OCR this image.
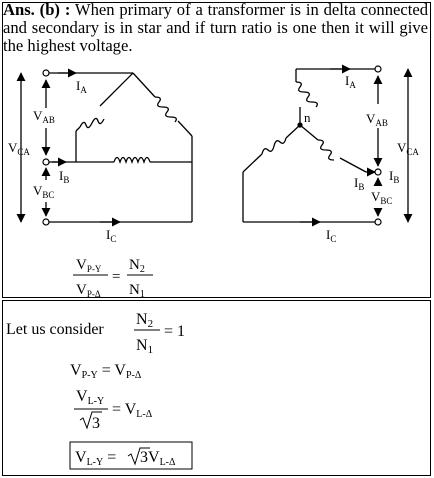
Ans. (b) : When primary of a transformer is in delta connected and secondary is in star and if turn ratio is one then it will give the highest voltage.

$I_A$
$V_{AB}$
$V_{CA}$
$I_B$
$V_{BC}$
$I_C$
$I_A$
n	$V_{AB}$
$V_{CA}$
$I_B$
$I_B$
$V_{BC}$
$I_C$
$V_{P-Y}$
$V_{P-\Delta}$
=
$N_2$
$N_1$
Let us consider
N2
N1
= 1
VP-Y = VP-Δ
VL-Y
3
= VL-Δ
VL-Y = 3VL-Δ
